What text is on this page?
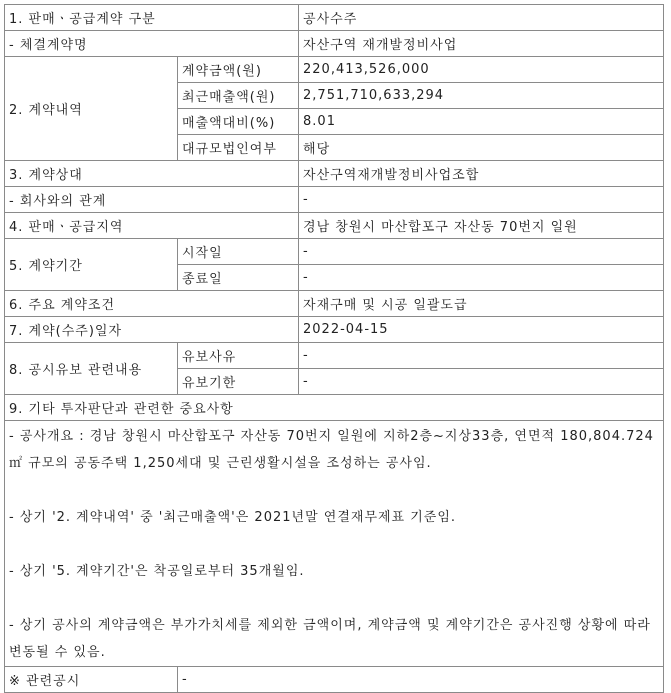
1. 판매ㆍ공급계약 구분		공사수주
- 체결계약명		자산구역 재개발정비사업
2. 계약내역	계약금액(원)	220,413,526,000
	최근매출액(원)	2,751,710,633,294
	매출액대비(%)	8.01
	대규모법인여부	해당
3. 계약상대		자산구역재개발정비사업조합
- 회사와의 관계		-
4. 판매ㆍ공급지역		경남 창원시 마산합포구 자산동 70번지 일원
5. 계약기간	시작일	-
	종료일	-
6. 주요 계약조건		자재구매 및 시공 일괄도급
7. 계약(수주)일자		2022-04-15
8. 공시유보 관련내용	유보사유	-
	유보기한	-
9. 기타 투자판단과 관련한 중요사항		

- 공사개요 : 경남 창원시 마산합포구 자산동 70번지 일원에 지하2층~지상33층, 연면적 180,804.724㎡ 규모의 공동주택 1,250세대 및 근린생활시설을 조성하는 공사임.
- 상기 '2. 계약내역' 중 '최근매출액'은 2021년말 연결재무제표 기준임.
- 상기 '5. 계약기간'은 착공일로부터 35개월임.
- 상기 공사의 계약금액은 부가가치세를 제외한 금액이며, 계약금액 및 계약기간은 공사진행 상황에 따라 변동될 수 있음.		

※ 관련공시	-	
